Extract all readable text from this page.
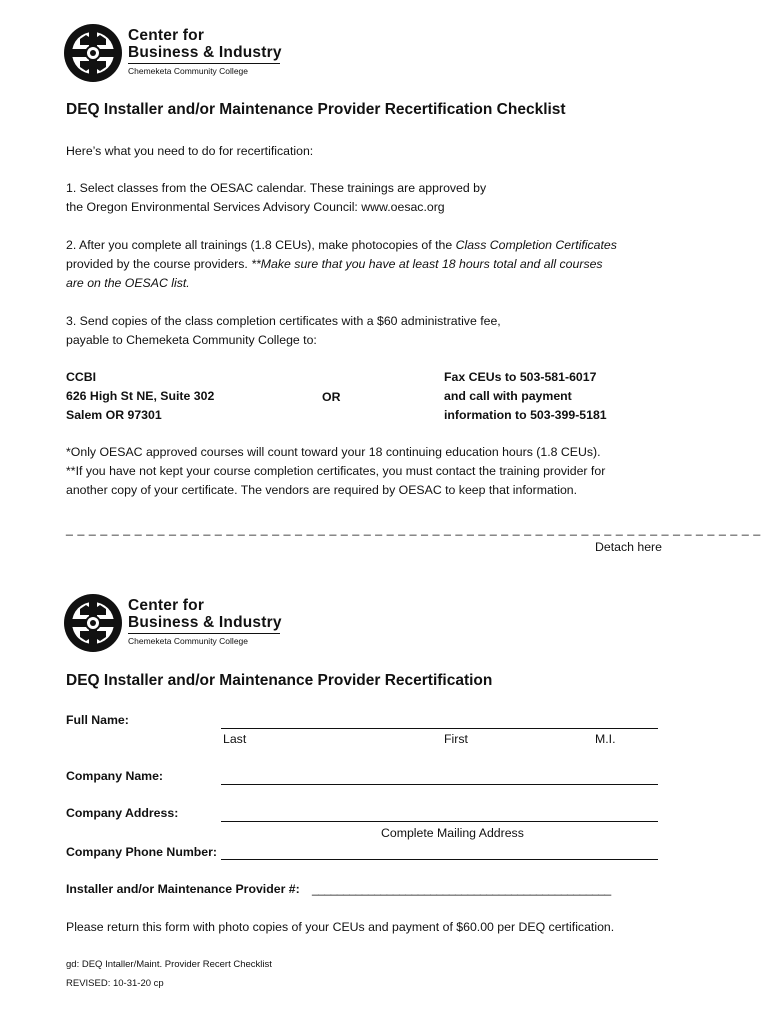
Center for
Business & Industry
Chemeketa Community College
DEQ Installer and/or Maintenance Provider Recertification Checklist
Here’s what you need to do for recertification:
1. Select classes from the OESAC calendar. These trainings are approved by
the Oregon Environmental Services Advisory Council: www.oesac.org
2. After you complete all trainings (1.8 CEUs), make photocopies of the Class Completion Certificates
provided by the course providers. **Make sure that you have at least 18 hours total and all courses
are on the OESAC list.
3. Send copies of the class completion certificates with a $60 administrative fee,
payable to Chemeketa Community College to:
CCBI
626 High St NE, Suite 302
Salem OR 97301
OR
Fax CEUs to 503-581-6017
and call with payment
information to 503-399-5181
*Only OESAC approved courses will count toward your 18 continuing education hours (1.8 CEUs).
**If you have not kept your course completion certificates, you must contact the training provider for
another copy of your certificate. The vendors are required by OESAC to keep that information.
_ _ _ _ _ _ _ _ _ _ _ _ _ _ _ _ _ _ _ _ _ _ _ _ _ _ _ _ _ _ _ _ _ _ _ _ _ _ _ _ _ _ _ _ _ _ _ _ _ _ _ _ _ _ _ _ _ _ _ _ _
Detach here
Center for
Business & Industry
Chemeketa Community College
DEQ Installer and/or Maintenance Provider Recertification
Full Name:
Last	First	M.I.
Company Name:
Company Address:
Complete Mailing Address
Company Phone Number:
Installer and/or Maintenance Provider #: ________________________________________________
Please return this form with photo copies of your CEUs and payment of $60.00 per DEQ certification.
gd: DEQ Intaller/Maint. Provider Recert Checklist
REVISED: 10-31-20 cp
